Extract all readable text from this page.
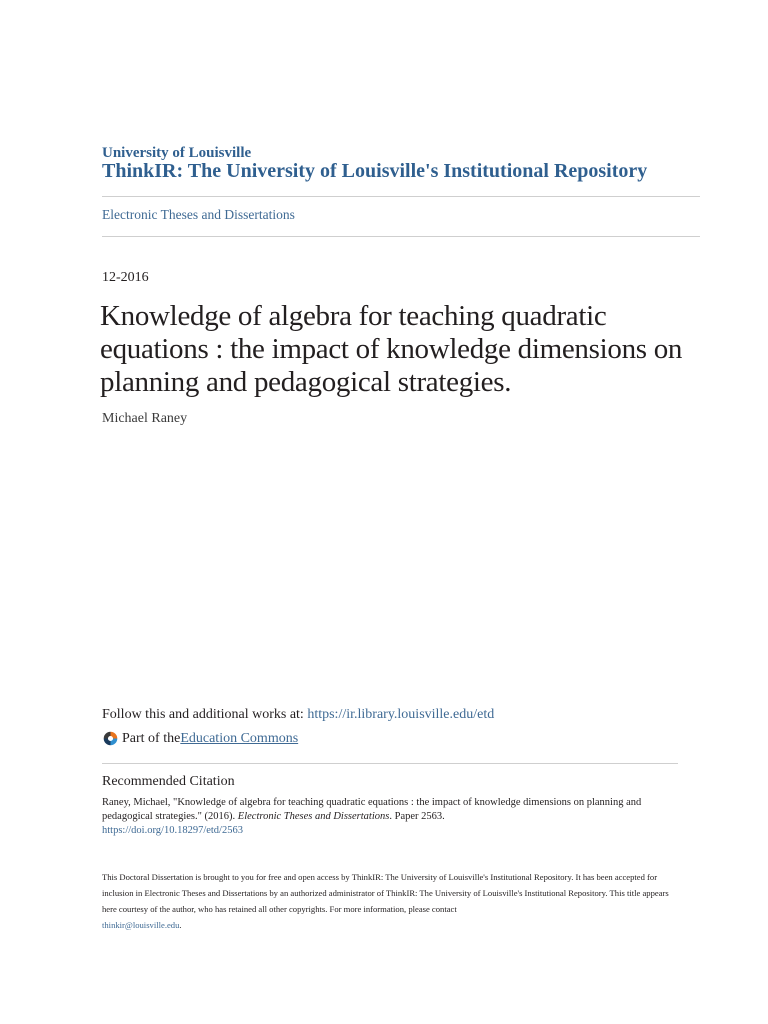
University of Louisville
ThinkIR: The University of Louisville's Institutional Repository
Electronic Theses and Dissertations
12-2016
Knowledge of algebra for teaching quadratic equations : the impact of knowledge dimensions on planning and pedagogical strategies.
Michael Raney
Follow this and additional works at: https://ir.library.louisville.edu/etd
Part of the Education Commons
Recommended Citation
Raney, Michael, "Knowledge of algebra for teaching quadratic equations : the impact of knowledge dimensions on planning and pedagogical strategies." (2016). Electronic Theses and Dissertations. Paper 2563.
https://doi.org/10.18297/etd/2563
This Doctoral Dissertation is brought to you for free and open access by ThinkIR: The University of Louisville's Institutional Repository. It has been accepted for inclusion in Electronic Theses and Dissertations by an authorized administrator of ThinkIR: The University of Louisville's Institutional Repository. This title appears here courtesy of the author, who has retained all other copyrights. For more information, please contact
thinkir@louisville.edu.
